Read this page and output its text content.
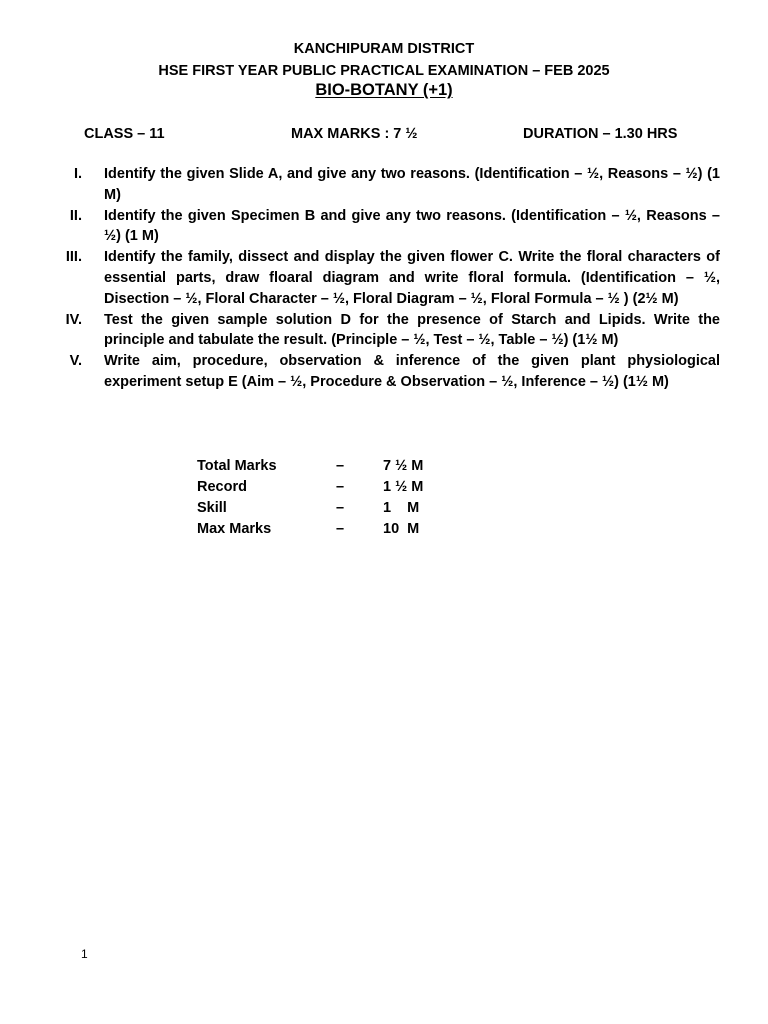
KANCHIPURAM DISTRICT
HSE FIRST YEAR PUBLIC PRACTICAL EXAMINATION – FEB 2025
BIO-BOTANY (+1)
CLASS – 11	MAX MARKS : 7 ½	DURATION – 1.30 HRS
I. Identify the given Slide A, and give any two reasons. (Identification – ½, Reasons – ½) (1 M)
II. Identify the given Specimen B and give any two reasons. (Identification – ½, Reasons – ½) (1 M)
III. Identify the family, dissect and display the given flower C. Write the floral characters of essential parts, draw floaral diagram and write floral formula. (Identification – ½, Disection – ½, Floral Character – ½, Floral Diagram – ½, Floral Formula – ½ ) (2½ M)
IV. Test the given sample solution D for the presence of Starch and Lipids. Write the principle and tabulate the result. (Principle – ½, Test – ½, Table – ½) (1½ M)
V. Write aim, procedure, observation & inference of the given plant physiological experiment setup E (Aim – ½, Procedure & Observation – ½, Inference – ½) (1½ M)
Total Marks	–	7 ½ M
Record	–	1 ½ M
Skill	–	1    M
Max Marks	–	10  M
1
